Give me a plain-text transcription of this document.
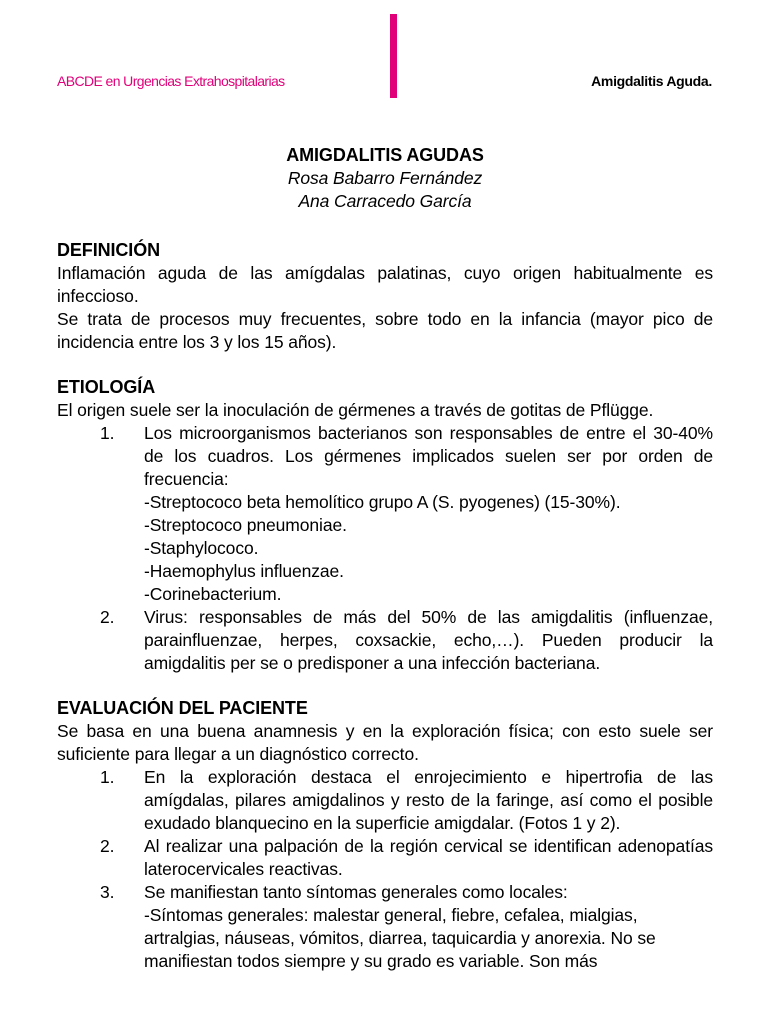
ABCDE en Urgencias Extrahospitalarias	Amigdalitis Aguda.
AMIGDALITIS AGUDAS
Rosa Babarro Fernández
Ana Carracedo García
DEFINICIÓN

Inflamación aguda de las amígdalas palatinas, cuyo origen habitualmente es infeccioso.

Se trata de procesos muy frecuentes, sobre todo en la infancia (mayor pico de incidencia entre los 3 y los 15 años).

ETIOLOGÍA

El origen suele ser la inoculación de gérmenes a través de gotitas de Pflügge.

1. Los microorganismos bacterianos son responsables de entre el 30-40% de los cuadros. Los gérmenes implicados suelen ser por orden de frecuencia:
-Streptococo beta hemolítico grupo A (S. pyogenes) (15-30%).
-Streptococo pneumoniae.
-Staphylococo.
-Haemophylus influenzae.
-Corinebacterium.
2. Virus: responsables de más del 50% de las amigdalitis (influenzae, parainfluenzae, herpes, coxsackie, echo,…). Pueden producir la amigdalitis per se o predisponer a una infección bacteriana.
EVALUACIÓN DEL PACIENTE

Se basa en una buena anamnesis y en la exploración física; con esto suele ser suficiente para llegar a un diagnóstico correcto.

1. En la exploración destaca el enrojecimiento e hipertrofia de las amígdalas, pilares amigdalinos y resto de la faringe, así como el posible exudado blanquecino en la superficie amigdalar. (Fotos 1 y 2).
2. Al realizar una palpación de la región cervical se identifican adenopatías laterocervicales reactivas.
3. Se manifiestan tanto síntomas generales como locales:
-Síntomas generales: malestar general, fiebre, cefalea, mialgias, artralgias, náuseas, vómitos, diarrea, taquicardia y anorexia. No se manifiestan todos siempre y su grado es variable. Son más
